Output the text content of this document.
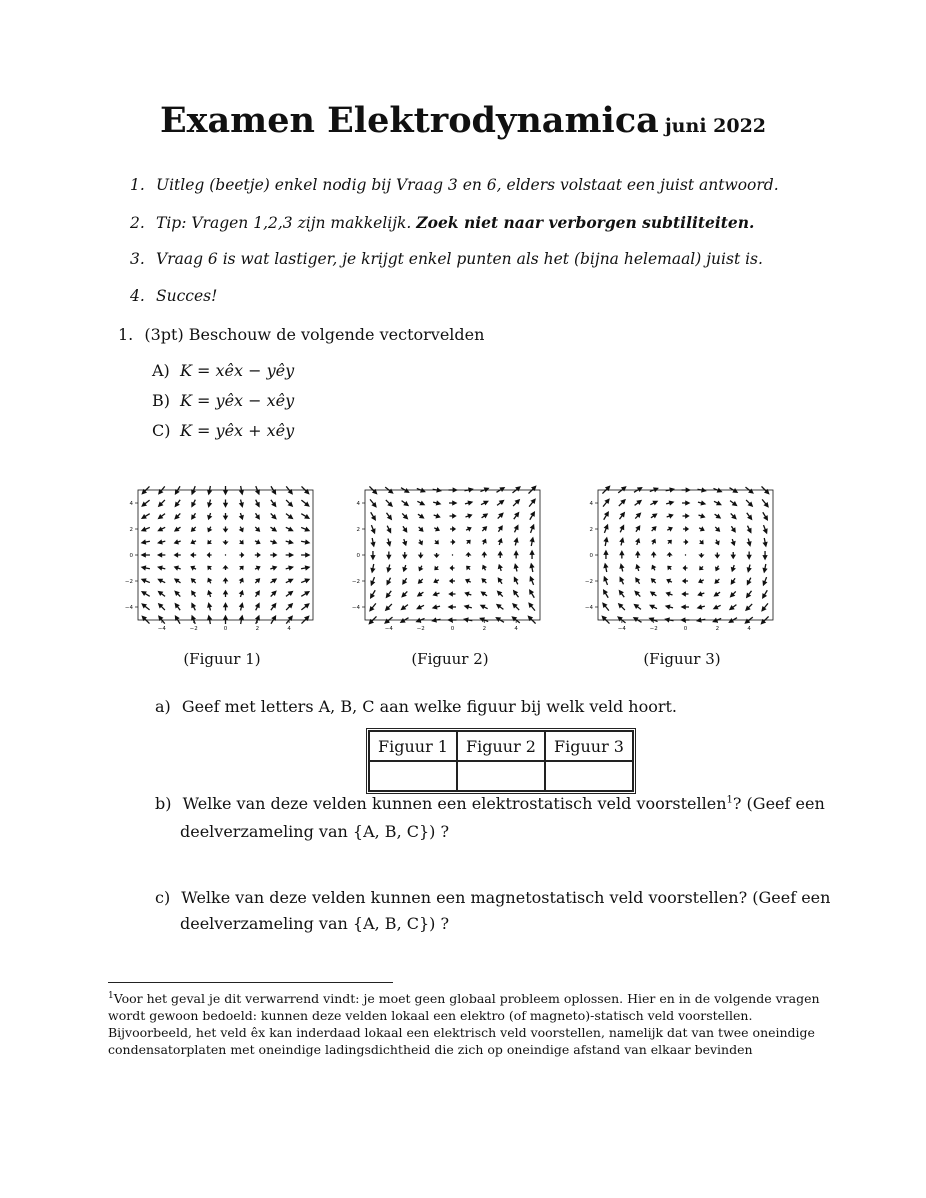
Examen Elektrodynamica juni 2022
1. Uitleg (beetje) enkel nodig bij Vraag 3 en 6, elders volstaat een juist antwoord.
2. Tip: Vragen 1,2,3 zijn makkelijk. Zoek niet naar verborgen subtiliteiten.
3. Vraag 6 is wat lastiger, je krijgt enkel punten als het (bijna helemaal) juist is.
4. Succes!
1. (3pt) Beschouw de volgende vectorvelden
A) K = xêx − yêy
B) K = yêx − xêy
C) K = yêx + xêy
−4
−4
−2
−2
0
0
2
2
4
4
−4
−4
−2
−2
0
0
2
2
4
4
−4
−4
−2
−2
0
0
2
2
4
4
(Figuur 1)	(Figuur 2)	(Figuur 3)
a) Geef met letters A, B, C aan welke figuur bij welk veld hoort.
Figuur 1	Figuur 2	Figuur 3

b) Welke van deze velden kunnen een elektrostatisch veld voorstellen$^1$? (Geef een
deelverzameling van {A, B, C}) ?
c) Welke van deze velden kunnen een magnetostatisch veld voorstellen? (Geef een
deelverzameling van {A, B, C}) ?
$^1$Voor het geval je dit verwarrend vindt: je moet geen globaal probleem oplossen. Hier en in de volgende vragen wordt gewoon bedoeld: kunnen deze velden lokaal een elektro (of magneto)-statisch veld voorstellen. Bijvoorbeeld, het veld êx kan inderdaad lokaal een elektrisch veld voorstellen, namelijk dat van twee oneindige condensatorplaten met oneindige ladingsdichtheid die zich op oneindige afstand van elkaar bevinden
